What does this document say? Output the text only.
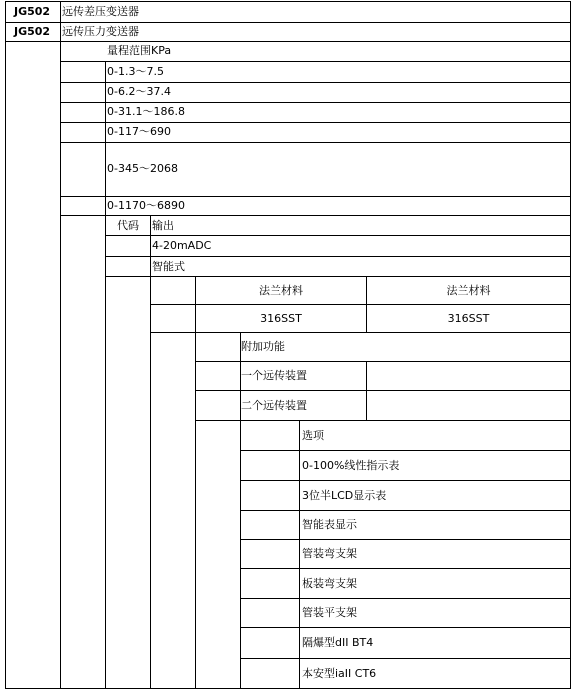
JG502 远传差压变送器
JG502 远传压力变送器
量程范围KPa
0-1.3～7.5
0-6.2～37.4
0-31.1～186.8
0-117～690
0-345～2068
0-1170～6890
代码	输出
4-20mADC
智能式
法兰材料	法兰材料
316SST	316SST
附加功能
一个远传装置
二个远传装置
选项
0-100%线性指示表
3位半LCD显示表
智能表显示
管装弯支架
板装弯支架
管装平支架
隔爆型dII BT4
本安型iaII CT6
